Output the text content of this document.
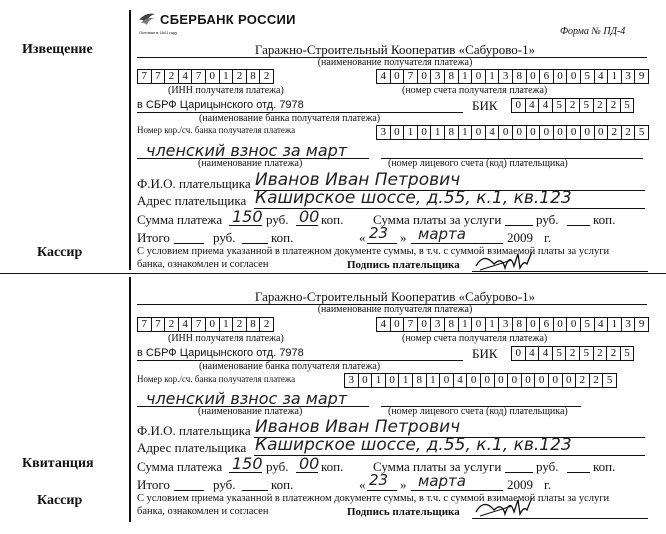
Извещение
Кассир
Квитанция
Кассир
СБЕРБАНК РОССИИ
Основан в 1841 году	Форма № ПД-4
Гаражно-Строительный Кооператив «Сабурово-1»
(наименование получателя платежа)
7 7 2 4 7 0 1 2 8 2	4 0 7 0 3 8 1 0 1 3 8 0 6 0 0 5 4 1 3 9
(ИНН получателя платежа)	(номер счета получателя платежа)
в СБРФ Царицынского отд. 7978	БИК	0 4 4 5 2 5 2 2 5
(наименование банка получателя платежа)
Номер кор./сч. банка получателя платежа	3 0 1 0 1 8 1 0 4 0 0 0 0 0 0 0 0 2 2 5
членский взнос за март
(наименование платежа)	(номер лицевого счета (код) плательщика)
Ф.И.О. плательщика Иванов Иван Петрович
Адрес плательщика Каширское шоссе, д.55, к.1, кв.123
Сумма платежа 150 руб. 00 коп. Сумма платы за услуги	руб.	коп.
Итого	руб.	коп.	« 23 » марта	2009 г.
С условием приема указанной в платежном документе суммы, в т.ч. с суммой взимаемой платы за услуги
банка, ознакомлен и согласен	Подпись плательщика
Гаражно-Строительный Кооператив «Сабурово-1»
(наименование получателя платежа)
7 7 2 4 7 0 1 2 8 2	4 0 7 0 3 8 1 0 1 3 8 0 6 0 0 5 4 1 3 9
(ИНН получателя платежа)	(номер счета получателя платежа)
в СБРФ Царицынского отд. 7978	БИК	0 4 4 5 2 5 2 2 5
(наименование банка получателя платежа)
Номер кор./сч. банка получателя платежа	3 0 1 0 1 8 1 0 4 0 0 0 0 0 0 0 0 2 2 5
членский взнос за март
(наименование платежа)	(номер лицевого счета (код) плательщика)
Ф.И.О. плательщика Иванов Иван Петрович
Адрес плательщика Каширское шоссе, д.55, к.1, кв.123
Сумма платежа 150 руб. 00 коп. Сумма платы за услуги	руб.	коп.
Итого	руб.	коп.	« 23 » марта	2009 г.
С условием приема указанной в платежном документе суммы, в т.ч. с суммой взимаемой платы за услуги
банка, ознакомлен и согласен	Подпись плательщика
